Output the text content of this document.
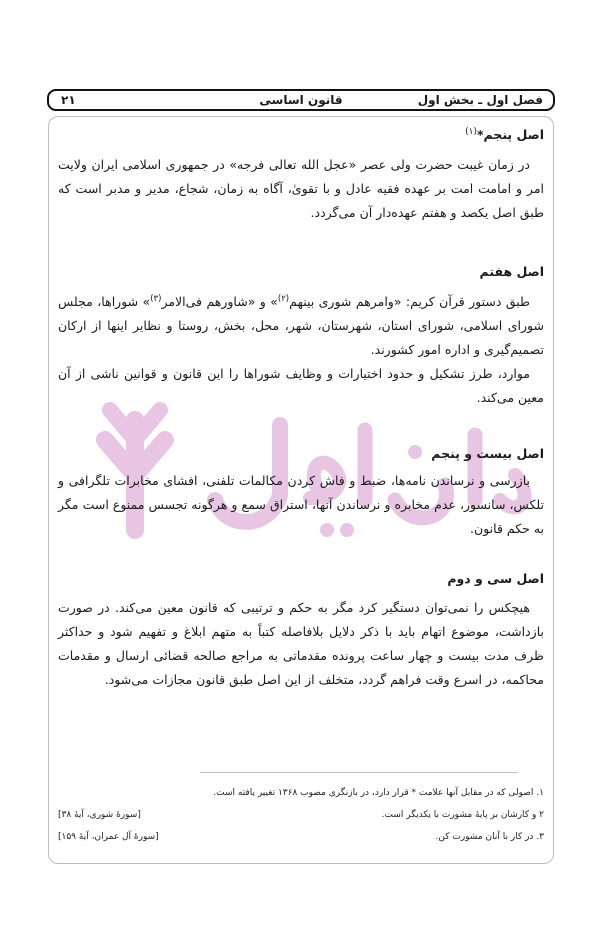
فصل اول ـ بخش اول
قانون اساسی
۲۱
اصل پنجم*$^{(۱)}$

در زمان غیبت حضرت ولی عصر «عجل الله تعالی فرجه» در جمهوری اسلامی ایران ولایت امر و امامت امت بر عهده فقیه عادل و با تقویٰ، آگاه به زمان، شجاع، مدیر و مدبر است که طبق اصل یکصد و هفتم عهده‌دار آن می‌گردد.

اصل هفتم

طبق دستور قرآن کریم: «وامرهم شوری بینهم$^{(۲)}$» و «شاورهم فی‌الامر$^{(۳)}$» شوراها، مجلس شورای اسلامی، شورای استان، شهرستان، شهر، محل، بخش، روستا و نظایر اینها از ارکان تصمیم‌گیری و اداره امور کشورند.

موارد، طرز تشکیل و حدود اختیارات و وظایف شوراها را این قانون و قوانین ناشی از آن معین می‌کند.

اصل بیست و پنجم

بازرسی و نرساندن نامه‌ها، ضبط و فاش کردن مکالمات تلفنی، افشای مخابرات تلگرافی و تلکس، سانسور، عدم مخابره و نرساندن آنها، استراق سمع و هرگونه تجسس ممنوع است مگر به حکم قانون.

اصل سی و دوم

هیچکس را نمی‌توان دستگیر کرد مگر به حکم و ترتیبی که قانون معین می‌کند. در صورت بازداشت، موضوع اتهام باید با ذکر دلایل بلافاصله کتباً به متهم ابلاغ و تفهیم شود و حداکثر ظرف مدت بیست و چهار ساعت پرونده مقدماتی به مراجع صالحه قضائی ارسال و مقدمات محاکمه، در اسرع وقت فراهم گردد، متخلف از این اصل طبق قانون مجازات می‌شود.

۱. اصولی که در مقابل آنها علامت * قرار دارد، در بازنگری مصوب ۱۳۶۸ تغییر یافته است.
۲ و کارشان بر پایهٔ مشورت با یکدیگر است.
[سورهٔ شوری، آیهٔ ۳۸]
۳. در کار با آنان مشورت کن.
[سورهٔ آل عمران، آیهٔ ۱۵۹]
